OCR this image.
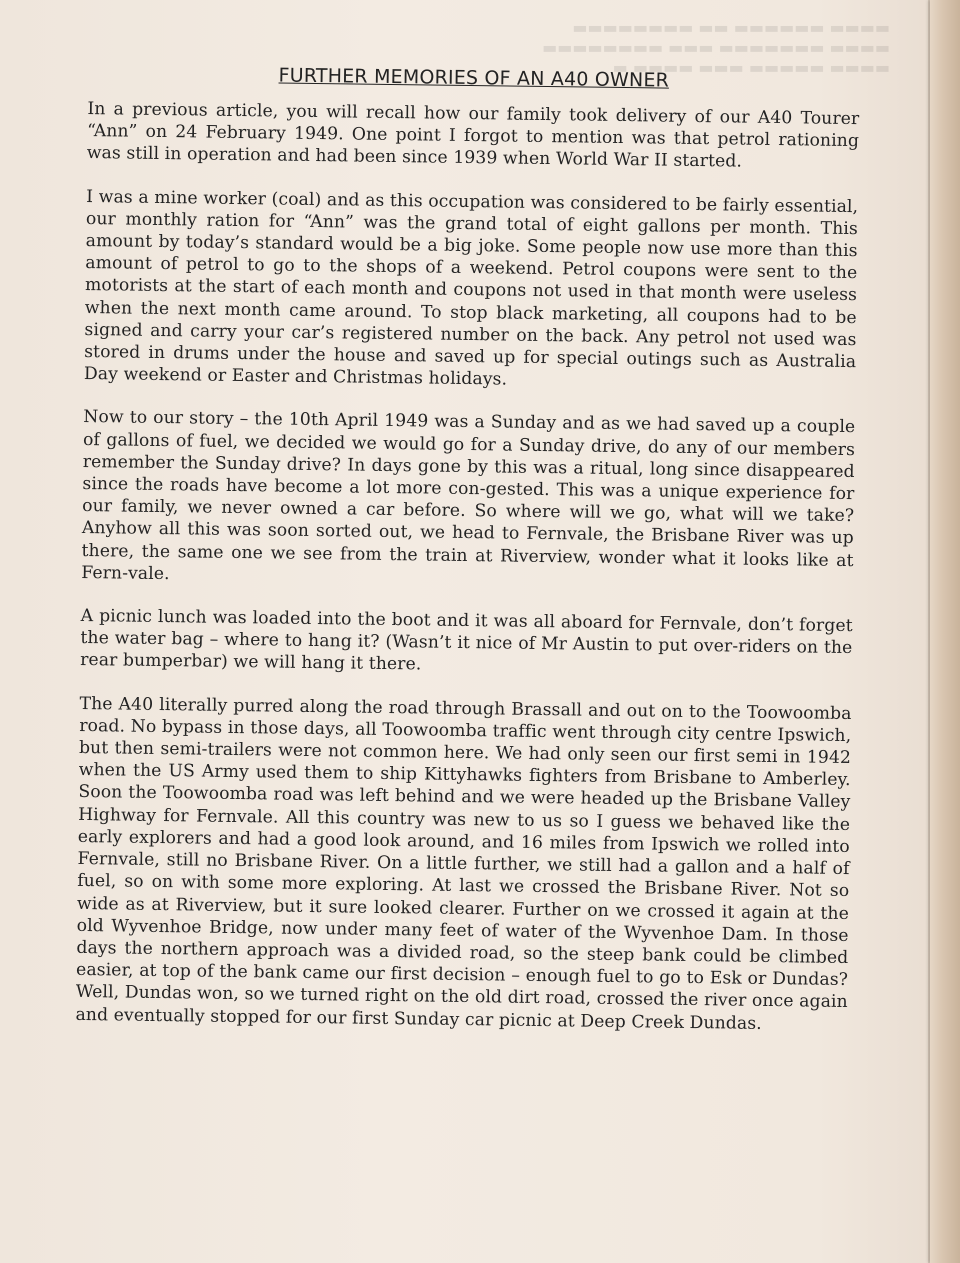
▬▬▬▬ ▬▬▬▬▬▬ ▬▬ ▬▬▬▬▬▬▬▬
▬▬▬▬ ▬▬▬▬▬▬▬ ▬▬▬ ▬▬▬▬▬▬▬▬
▬▬▬▬ ▬▬▬▬▬ ▬▬▬ ▬▬▬▬ ▬
FURTHER MEMORIES OF AN A40 OWNER

In a previous article, you will recall how our family took delivery of our A40 Tourer “Ann” on 24 February 1949. One point I forgot to mention was that petrol rationing was still in operation and had been since 1939 when World War II started.

I was a mine worker (coal) and as this occupation was considered to be fairly essential, our monthly ration for “Ann” was the grand total of eight gallons per month. This amount by today’s standard would be a big joke. Some people now use more than this amount of petrol to go to the shops of a weekend. Petrol coupons were sent to the motorists at the start of each month and coupons not used in that month were useless when the next month came around. To stop black marketing, all coupons had to be signed and carry your car’s registered number on the back. Any petrol not used was stored in drums under the house and saved up for special outings such as Australia Day weekend or Easter and Christmas holidays.

Now to our story – the 10th April 1949 was a Sunday and as we had saved up a couple of gallons of fuel, we decided we would go for a Sunday drive, do any of our members remember the Sunday drive? In days gone by this was a ritual, long since disappeared since the roads have become a lot more con-gested. This was a unique experience for our family, we never owned a car before. So where will we go, what will we take? Anyhow all this was soon sorted out, we head to Fernvale, the Brisbane River was up there, the same one we see from the train at Riverview, wonder what it looks like at Fern-vale.

A picnic lunch was loaded into the boot and it was all aboard for Fernvale, don’t forget the water bag – where to hang it? (Wasn’t it nice of Mr Austin to put over-riders on the rear bumperbar) we will hang it there.

The A40 literally purred along the road through Brassall and out on to the Toowoomba road. No bypass in those days, all Toowoomba traffic went through city centre Ipswich, but then semi-trailers were not common here. We had only seen our first semi in 1942 when the US Army used them to ship Kittyhawks fighters from Brisbane to Amberley. Soon the Toowoomba road was left behind and we were headed up the Brisbane Valley Highway for Fernvale. All this country was new to us so I guess we behaved like the early explorers and had a good look around, and 16 miles from Ipswich we rolled into Fernvale, still no Brisbane River. On a little further, we still had a gallon and a half of fuel, so on with some more exploring. At last we crossed the Brisbane River. Not so wide as at Riverview, but it sure looked clearer. Further on we crossed it again at the old Wyvenhoe Bridge, now under many feet of water of the Wyvenhoe Dam. In those days the northern approach was a divided road, so the steep bank could be climbed easier, at top of the bank came our first decision – enough fuel to go to Esk or Dundas? Well, Dundas won, so we turned right on the old dirt road, crossed the river once again and eventually stopped for our first Sunday car picnic at Deep Creek Dundas.
